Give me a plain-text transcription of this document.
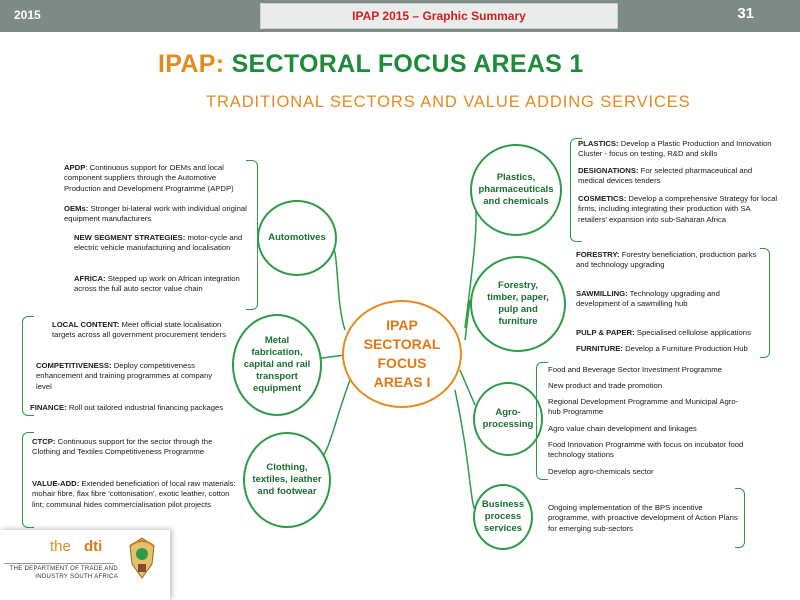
2015	IPAP 2015 – Graphic Summary	31
IPAP: SECTORAL FOCUS AREAS 1
TRADITIONAL SECTORS AND VALUE ADDING SERVICES
IPAP
SECTORAL
FOCUS
AREAS I
Automotives
APDP: Continuous support for OEMs and local component suppliers through the Automotive Production and Development Programme (APDP)
OEMs: Stronger bi-lateral work with individual original equipment manufacturers
NEW SEGMENT STRATEGIES: motor-cycle and electric vehicle manufacturing and localisation
AFRICA: Stepped up work on African integration across the full auto sector value chain
Metal
fabrication,
capital and rail
transport
equipment
LOCAL CONTENT: Meet official state localisation targets across all government procurement tenders
COMPETITIVENESS: Deploy competitiveness enhancement and training programmes at company level
FINANCE: Roll out tailored industrial financing packages
Clothing,
textiles, leather
and footwear
CTCP: Continuous support for the sector through the Clothing and Textiles Competitiveness Programme
VALUE-ADD: Extended beneficiation of local raw materials: mohair fibre, flax fibre ‘cottonisation’, exotic leather, cotton lint; communal hides commercialisation pilot projects
Plastics,
pharmaceuticals
and chemicals
PLASTICS: Develop a Plastic Production and Innovation Cluster - focus on testing, R&D and skills
DESIGNATIONS: For selected pharmaceutical and medical devices tenders
COSMETICS: Develop a comprehensive Strategy for local firms, including integrating their production with SA retailers' expansion into sub-Saharan Africa
Forestry,
timber, paper,
pulp and
furniture
FORESTRY: Forestry beneficiation, production parks and technology upgrading
SAWMILLING: Technology upgrading and development of a sawmilling hub
PULP & PAPER: Specialised cellulose applications
FURNITURE: Develop a Furniture Production Hub
Agro-
processing
Food and Beverage Sector Investment Programme
New product and trade promotion
Regional Development Programme and Municipal Agro-hub Programme
Agro value chain development and linkages
Food Innovation Programme with focus on incubator food technology stations
Develop agro-chemicals sector
Business
process
services
Ongoing implementation of the BPS incentive programme, with proactive development of Action Plans for emerging sub-sectors
the dti
THE DEPARTMENT OF TRADE AND INDUSTRY SOUTH AFRICA
